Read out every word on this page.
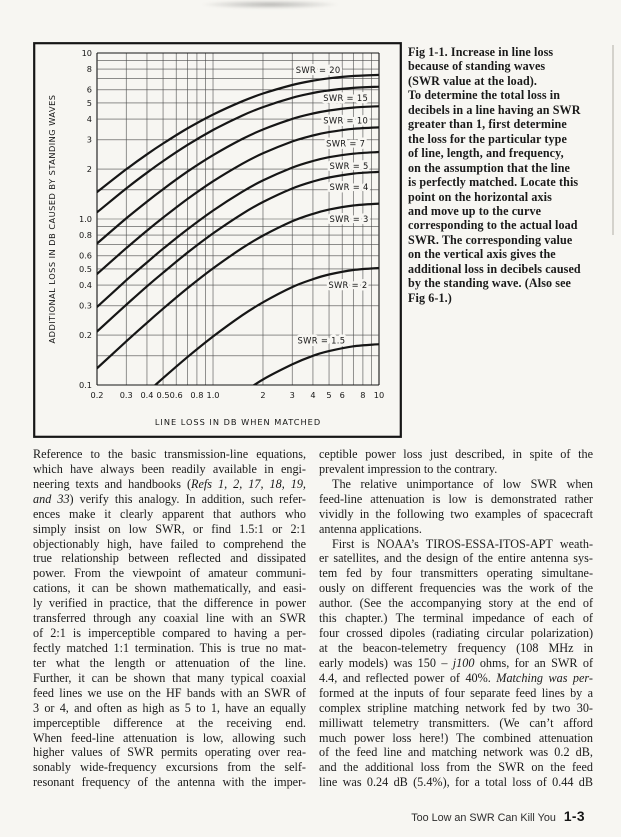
0.2 0.3 0.4 0.5 0.6 0.8 1.0	2	3 4 5 6 8 10
10
8
6
5
4
3
2
1.0
0.8
0.6
0.5
0.4
0.3
0.2
0.1
LINE LOSS IN DB WHEN MATCHED
ADDITIONAL LOSS IN DB CAUSED BY STANDING WAVES	SWR = 1.5
SWR = 2
SWR = 3
SWR = 4
SWR = 5
SWR = 7
SWR = 10
SWR = 15
SWR = 20
Fig 1-1. Increase in line loss
because of standing waves
(SWR value at the load).
To determine the total loss in
decibels in a line having an SWR
greater than 1, first determine
the loss for the particular type
of line, length, and frequency,
on the assumption that the line
is perfectly matched. Locate this
point on the horizontal axis
and move up to the curve
corresponding to the actual load
SWR. The corresponding value
on the vertical axis gives the
additional loss in decibels caused
by the standing wave. (Also see
Fig 6-1.)
Reference to the basic transmission-line equations,
which have always been readily available in engi-
neering texts and handbooks (Refs 1, 2, 17, 18, 19,
and 33) verify this analogy. In addition, such refer-
ences make it clearly apparent that authors who
simply insist on low SWR, or find 1.5:1 or 2:1
objectionably high, have failed to comprehend the
true relationship between reflected and dissipated
power. From the viewpoint of amateur communi-
cations, it can be shown mathematically, and easi-
ly verified in practice, that the difference in power
transferred through any coaxial line with an SWR
of 2:1 is imperceptible compared to having a per-
fectly matched 1:1 termination. This is true no mat-
ter what the length or attenuation of the line.
Further, it can be shown that many typical coaxial
feed lines we use on the HF bands with an SWR of
3 or 4, and often as high as 5 to 1, have an equally
imperceptible difference at the receiving end.
When feed-line attenuation is low, allowing such
higher values of SWR permits operating over rea-
sonably wide-frequency excursions from the self-
resonant frequency of the antenna with the imper-
ceptible power loss just described, in spite of the
prevalent impression to the contrary.
The relative unimportance of low SWR when
feed-line attenuation is low is demonstrated rather
vividly in the following two examples of spacecraft
antenna applications.
First is NOAA’s TIROS-ESSA-ITOS-APT weath-
er satellites, and the design of the entire antenna sys-
tem fed by four transmitters operating simultane-
ously on different frequencies was the work of the
author. (See the accompanying story at the end of
this chapter.) The terminal impedance of each of
four crossed dipoles (radiating circular polarization)
at the beacon-telemetry frequency (108 MHz in
early models) was 150 – j100 ohms, for an SWR of
4.4, and reflected power of 40%. Matching was per-
formed at the inputs of four separate feed lines by a
complex stripline matching network fed by two 30-
milliwatt telemetry transmitters. (We can’t afford
much power loss here!) The combined attenuation
of the feed line and matching network was 0.2 dB,
and the additional loss from the SWR on the feed
line was 0.24 dB (5.4%), for a total loss of 0.44 dB
Too Low an SWR Can Kill You 1-3
